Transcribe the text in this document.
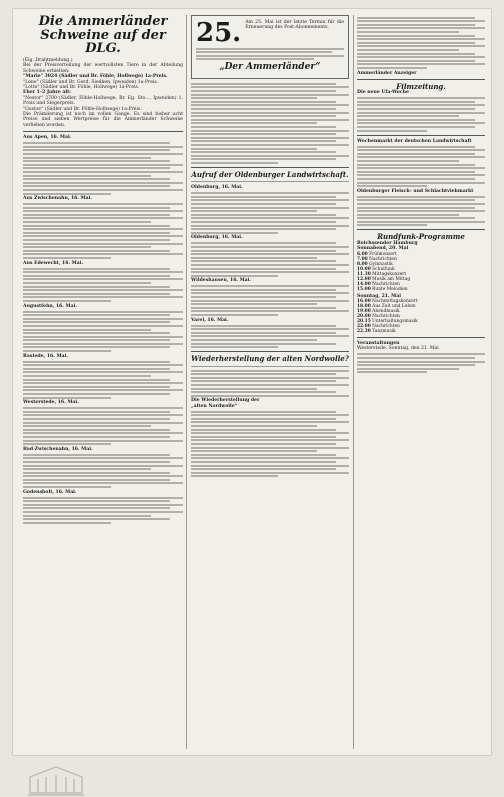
Die Ammerländer Schweine auf der DLG.
(Eig. Drahtmeldung.)
Bei der Preisverteilung der wertvollsten Tiere in der Abteilung Schweine erhielten:
"Marie" 3024 (Sädler und Br. Föhle, Hollwege) 1a-Preis.
"Lene" (Sädler und Br. Gerd. Siedken, Ipweiden) 1a-Preis.
"Lotte" (Sädler und Br. Föhle, Hollwege) 1a-Preis.
Eber 1–2 Jahre alt:
"Nestor" 2700 (Sädler, Föhle-Hollwege, Br. Eg. Sto..., Ipweiden) 1. Preis und Siegerpreis.
"Gustav" (Sädler und Br. Föhle-Hollwege) 1a-Preis.
Die Prämiierung ist noch im vollen Gange. Es sind bisher acht Preise und sieben Wertpreise für die Ammerländer Schweine verliehen worden.
Aus Apen, 16. Mai.
Aus Zwischenahn, 16. Mai.
Aus Edewecht, 16. Mai.
Augustfehn, 16. Mai.
Rastede, 16. Mai.
Westerstede, 16. Mai.
Bad Zwischenahn, 16. Mai.
Godensholt, 16. Mai.
25. Am 25. Mai ist der letzte Termin für die Erneuerung des Post-Abonnements.
„Der Ammerländer“
Aufruf der Oldenburger Landwirtschaft.
Oldenburg, 16. Mai.
Oldenburg, 16. Mai.
Wildeshausen, 16. Mai.
Varel, 16. Mai.
Wiederherstellung der alten Nordwolle?
Die Wiederherstellung der
„alten Nordwolle“
Ammerländer Anzeiger
Filmzeitung.
Die neue Ufa-Woche
Wochenmarkt der deutschen Landwirtschaft
Oldenburger Fleisch- und Schlachtviehmarkt
Rundfunk-Programme
Reichssender Hamburg
Sonnabend, 20. Mai
6.00 Frühkonzert
7.00 Nachrichten
8.00 Gymnastik
10.00 Schulfunk
11.30 Mittagskonzert
12.00 Musik am Mittag
14.00 Nachrichten
15.00 Bunte Melodien
Sonntag, 21. Mai
16.00 Nachmittagskonzert
18.00 Aus Zeit und Leben
19.00 Abendmusik
20.00 Nachrichten
20.15 Unterhaltungsmusik
22.00 Nachrichten
22.30 Tanzmusik
Veranstaltungen
Westerstede. Sonntag, den 21. Mai
